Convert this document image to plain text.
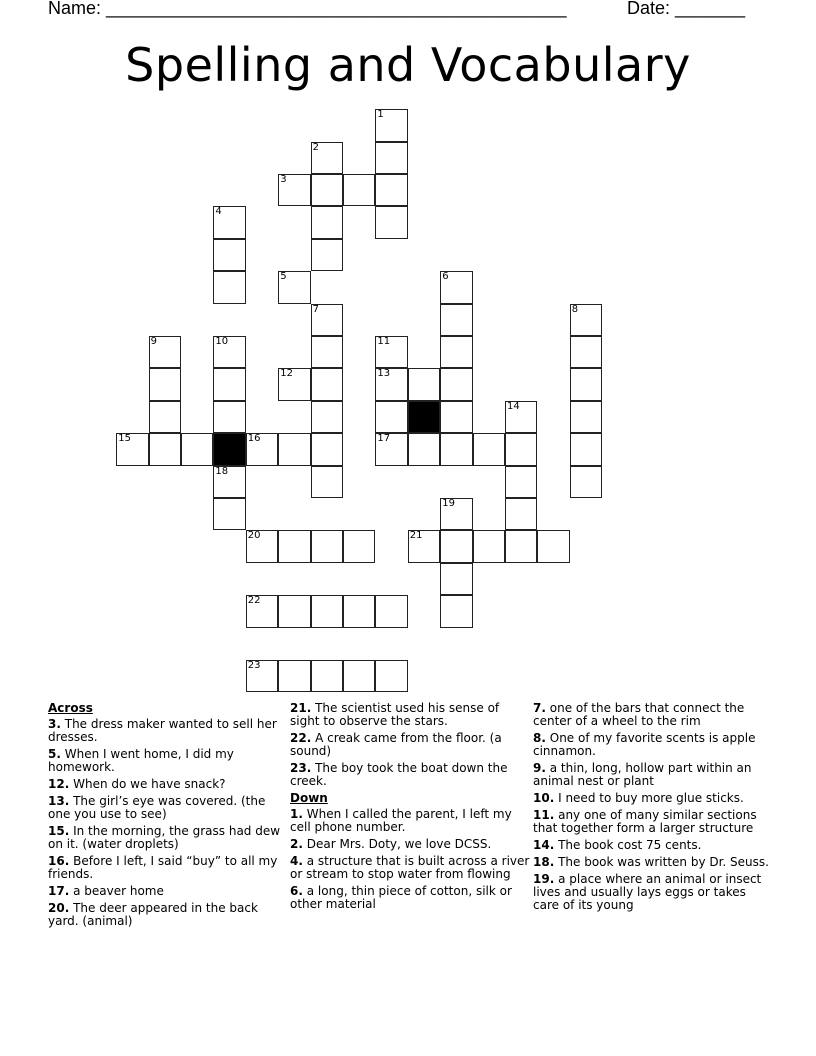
Name: ______________________________________________	Date: _______
Spelling and Vocabulary
1
2
3
4
5	6
7	8
9	10	11
13
17
12
14
15	16
18
19
20	21
22
23
Across
3. The dress maker wanted to sell her dresses.
5. When I went home, I did my homework.
12. When do we have snack?
13. The girl’s eye was covered. (the one you use to see)
15. In the morning, the grass had dew on it. (water droplets)
16. Before I left, I said “buy” to all my friends.
17. a beaver home
20. The deer appeared in the back yard. (animal)
21. The scientist used his sense of sight to observe the stars.
22. A creak came from the floor. (a sound)
23. The boy took the boat down the creek.
Down
1. When I called the parent, I left my cell phone number.
2. Dear Mrs. Doty, we love DCSS.
4. a structure that is built across a river or stream to stop water from flowing
6. a long, thin piece of cotton, silk or other material
7. one of the bars that connect the center of a wheel to the rim
8. One of my favorite scents is apple cinnamon.
9. a thin, long, hollow part within an animal nest or plant
10. I need to buy more glue sticks.
11. any one of many similar sections that together form a larger structure
14. The book cost 75 cents.
18. The book was written by Dr. Seuss.
19. a place where an animal or insect lives and usually lays eggs or takes care of its young
